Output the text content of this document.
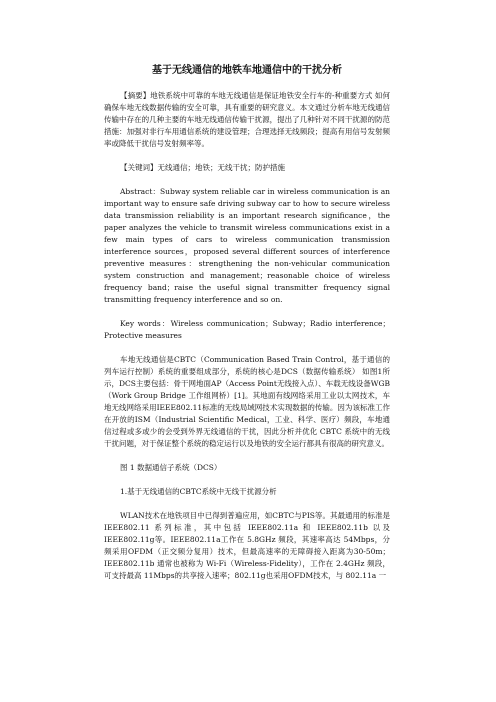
基于无线通信的地铁车地通信中的干扰分析

【摘要】地铁系统中可靠的车地无线通信是保证地铁安全行车的-种重要方式 如何确保车地无线数据传输的安全可靠，具有重要的研究意义。本文通过分析车地无线通信传输中存在的几种主要的车地无线通信传输干扰源，提出了几种针对不同干扰源的防范措施：加强对非行车用通信系统的建设管理；合理选择无线频段；提高有用信号发射频率或降低干扰信号发射频率等。

【关键词】无线通信；地铁；无线干扰；防护措施

Abstract：Subway system reliable car in wireless communication is an important way to ensure safe driving subway car to how to secure wireless data transmission reliability is an important research significance，the paper analyzes the vehicle to transmit wireless communications exist in a few main types of cars to wireless communication transmission interference sources，proposed several different sources of interference preventive measures：strengthening the non-vehicular communication system construction and management；reasonable choice of wireless frequency band；raise the useful signal transmitter frequency signal transmitting frequency interference and so on.

Key words：Wireless communication；Subway；Radio interference；Protective measures

车地无线通信是CBTC（Communication Based Train Control，基于通信的列车运行控制）系统的重要组成部分，系统的核心是DCS（数据传输系统） 如图1所示，DCS主要包括：骨干网地面AP（Access Point无线接入点）、车载无线设备WGB（Work Group Bridge 工作组网桥）[1]。其地面有线网络采用工业以太网技术，车地无线网络采用IEEE802.11标准的无线局域网技术实现数据的传输。因为该标准工作在开放的ISM（Industrial Scientific Medical，工业、科学、医疗）频段，车地通信过程或多或少的会受到外界无线通信的干扰，因此分析并优化 CBTC 系统中的无线干扰问题，对于保证整个系统的稳定运行以及地铁的安全运行都具有很高的研究意义。

图 1 数据通信子系统（DCS）

1.基于无线通信的CBTC系统中无线干扰源分析

WLAN技术在地铁项目中已得到普遍应用，如CBTC与PIS等。其最通用的标准是 IEEE802.11 系列标准，其中包括 IEEE802.11a 和 IEEE802.11b 以及IEEE802.11g等。IEEE802.11a工作在 5.8GHz 频段，其速率高达 54Mbps，分频采用OFDM（正交频分复用）技术，但最高速率的无障碍接入距离为30-50m；IEEE802.11b 通常也被称为 Wi-Fi（Wireless-Fidelity），工作在 2.4GHz 频段，可支持最高 11Mbps的共享接入速率；802.11g也采用OFDM技术，与 802.11a 一
